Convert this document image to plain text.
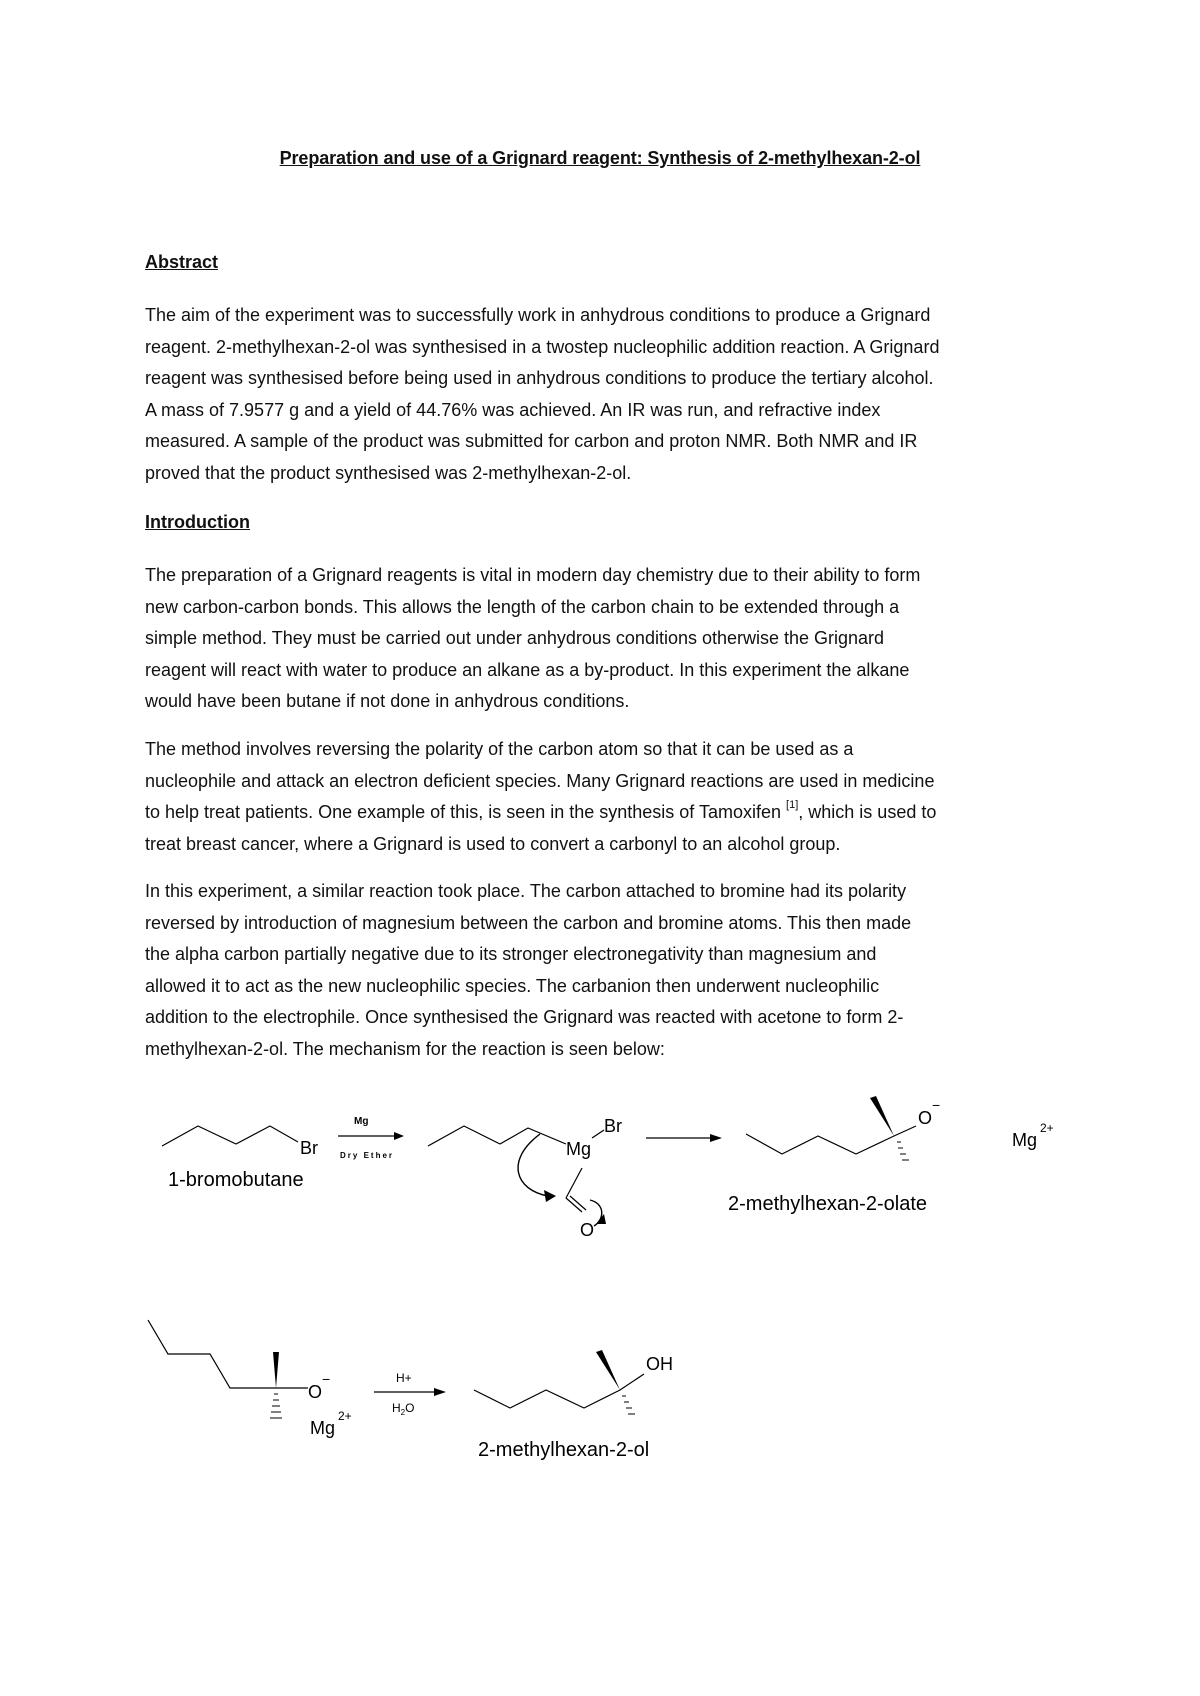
Preparation and use of a Grignard reagent: Synthesis of 2-methylhexan-2-ol
Abstract
The aim of the experiment was to successfully work in anhydrous conditions to produce a Grignard
reagent. 2-methylhexan-2-ol was synthesised in a twostep nucleophilic addition reaction. A Grignard
reagent was synthesised before being used in anhydrous conditions to produce the tertiary alcohol.
A mass of 7.9577 g and a yield of 44.76% was achieved. An IR was run, and refractive index
measured. A sample of the product was submitted for carbon and proton NMR. Both NMR and IR
proved that the product synthesised was 2-methylhexan-2-ol.
Introduction
The preparation of a Grignard reagents is vital in modern day chemistry due to their ability to form
new carbon-carbon bonds. This allows the length of the carbon chain to be extended through a
simple method. They must be carried out under anhydrous conditions otherwise the Grignard
reagent will react with water to produce an alkane as a by-product. In this experiment the alkane
would have been butane if not done in anhydrous conditions.
The method involves reversing the polarity of the carbon atom so that it can be used as a
nucleophile and attack an electron deficient species. Many Grignard reactions are used in medicine
to help treat patients. One example of this, is seen in the synthesis of Tamoxifen [1], which is used to
treat breast cancer, where a Grignard is used to convert a carbonyl to an alcohol group.
In this experiment, a similar reaction took place. The carbon attached to bromine had its polarity
reversed by introduction of magnesium between the carbon and bromine atoms. This then made
the alpha carbon partially negative due to its stronger electronegativity than magnesium and
allowed it to act as the new nucleophilic species. The carbanion then underwent nucleophilic
addition to the electrophile. Once synthesised the Grignard was reacted with acetone to form 2-
methylhexan-2-ol. The mechanism for the reaction is seen below:
Br
1-bromobutane
Mg
Dry Ether	Mg
Br
O
O
−
Mg
2+
2-methylhexan-2-olate
O
−
Mg
2+
H+
$H_2O$
OH
2-methylhexan-2-ol
